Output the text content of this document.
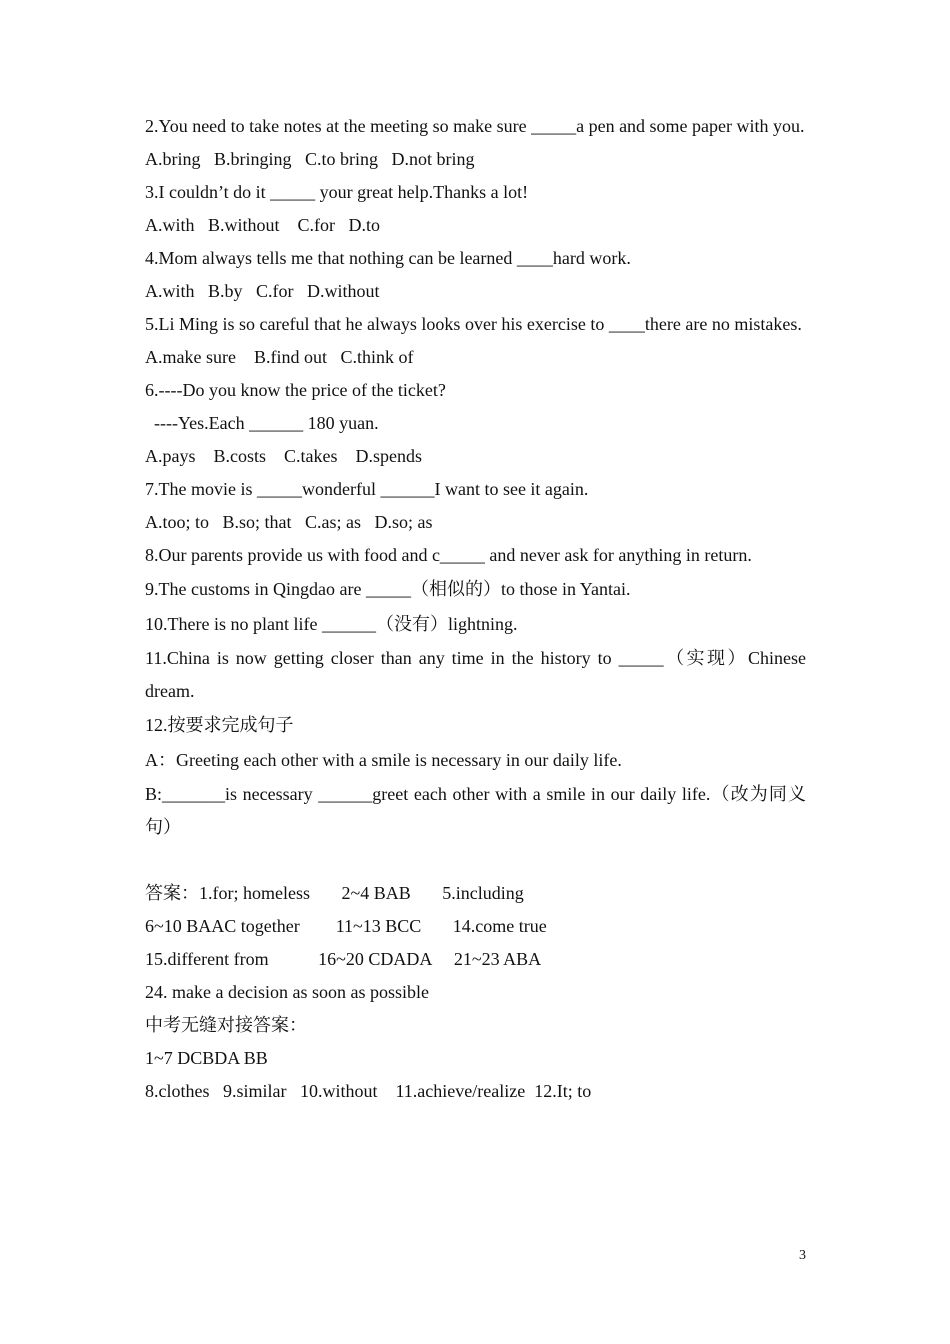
2.You need to take notes at the meeting so make sure _____a pen and some paper with you.

A.bring   B.bringing   C.to bring   D.not bring

3.I couldn’t do it _____ your great help.Thanks a lot!

A.with   B.without    C.for   D.to

4.Mom always tells me that nothing can be learned ____hard work.

A.with   B.by   C.for   D.without

5.Li Ming is so careful that he always looks over his exercise to ____there are no mistakes.

A.make sure    B.find out   C.think of

6.----Do you know the price of the ticket?

----Yes.Each ______ 180 yuan.

A.pays    B.costs    C.takes    D.spends

7.The movie is _____wonderful ______I want to see it again.

A.too; to   B.so; that   C.as; as   D.so; as

8.Our parents provide us with food and c_____ and never ask for anything in return.

9.The customs in Qingdao are _____（相似的）to those in Yantai.

10.There is no plant life ______（没有）lightning.

11.China is now getting closer than any time in the history to _____（实现）Chinese dream.

12.按要求完成句子

A：Greeting each other with a smile is necessary in our daily life.

B:_______is necessary ______greet each other with a smile in our daily life.（改为同义句）

答案：1.for; homeless       2~4 BAB       5.including

6~10 BAAC together        11~13 BCC       14.come true

15.different from           16~20 CDADA     21~23 ABA

24. make a decision as soon as possible

中考无缝对接答案：

1~7 DCBDA BB

8.clothes   9.similar   10.without    11.achieve/realize  12.It; to

3
